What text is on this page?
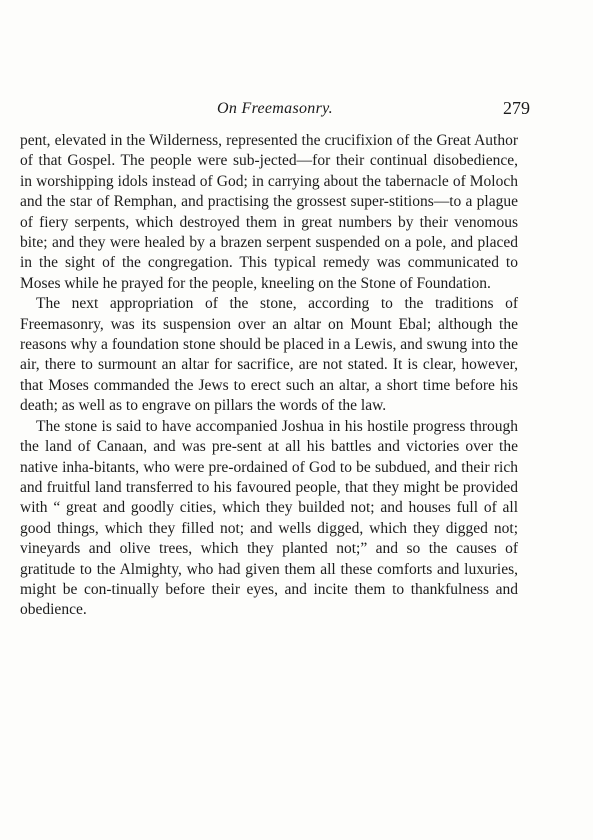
On Freemasonry.	279

pent, elevated in the Wilderness, represented the crucifixion of the Great Author of that Gospel. The people were sub-jected—for their continual disobedience, in worshipping idols instead of God; in carrying about the tabernacle of Moloch and the star of Remphan, and practising the grossest super-stitions—to a plague of fiery serpents, which destroyed them in great numbers by their venomous bite; and they were healed by a brazen serpent suspended on a pole, and placed in the sight of the congregation. This typical remedy was communicated to Moses while he prayed for the people, kneeling on the Stone of Foundation.

The next appropriation of the stone, according to the traditions of Freemasonry, was its suspension over an altar on Mount Ebal; although the reasons why a foundation stone should be placed in a Lewis, and swung into the air, there to surmount an altar for sacrifice, are not stated. It is clear, however, that Moses commanded the Jews to erect such an altar, a short time before his death; as well as to engrave on pillars the words of the law.

The stone is said to have accompanied Joshua in his hostile progress through the land of Canaan, and was pre-sent at all his battles and victories over the native inha-bitants, who were pre-ordained of God to be subdued, and their rich and fruitful land transferred to his favoured people, that they might be provided with “ great and goodly cities, which they builded not; and houses full of all good things, which they filled not; and wells digged, which they digged not; vineyards and olive trees, which they planted not;” and so the causes of gratitude to the Almighty, who had given them all these comforts and luxuries, might be con-tinually before their eyes, and incite them to thankfulness and obedience.
